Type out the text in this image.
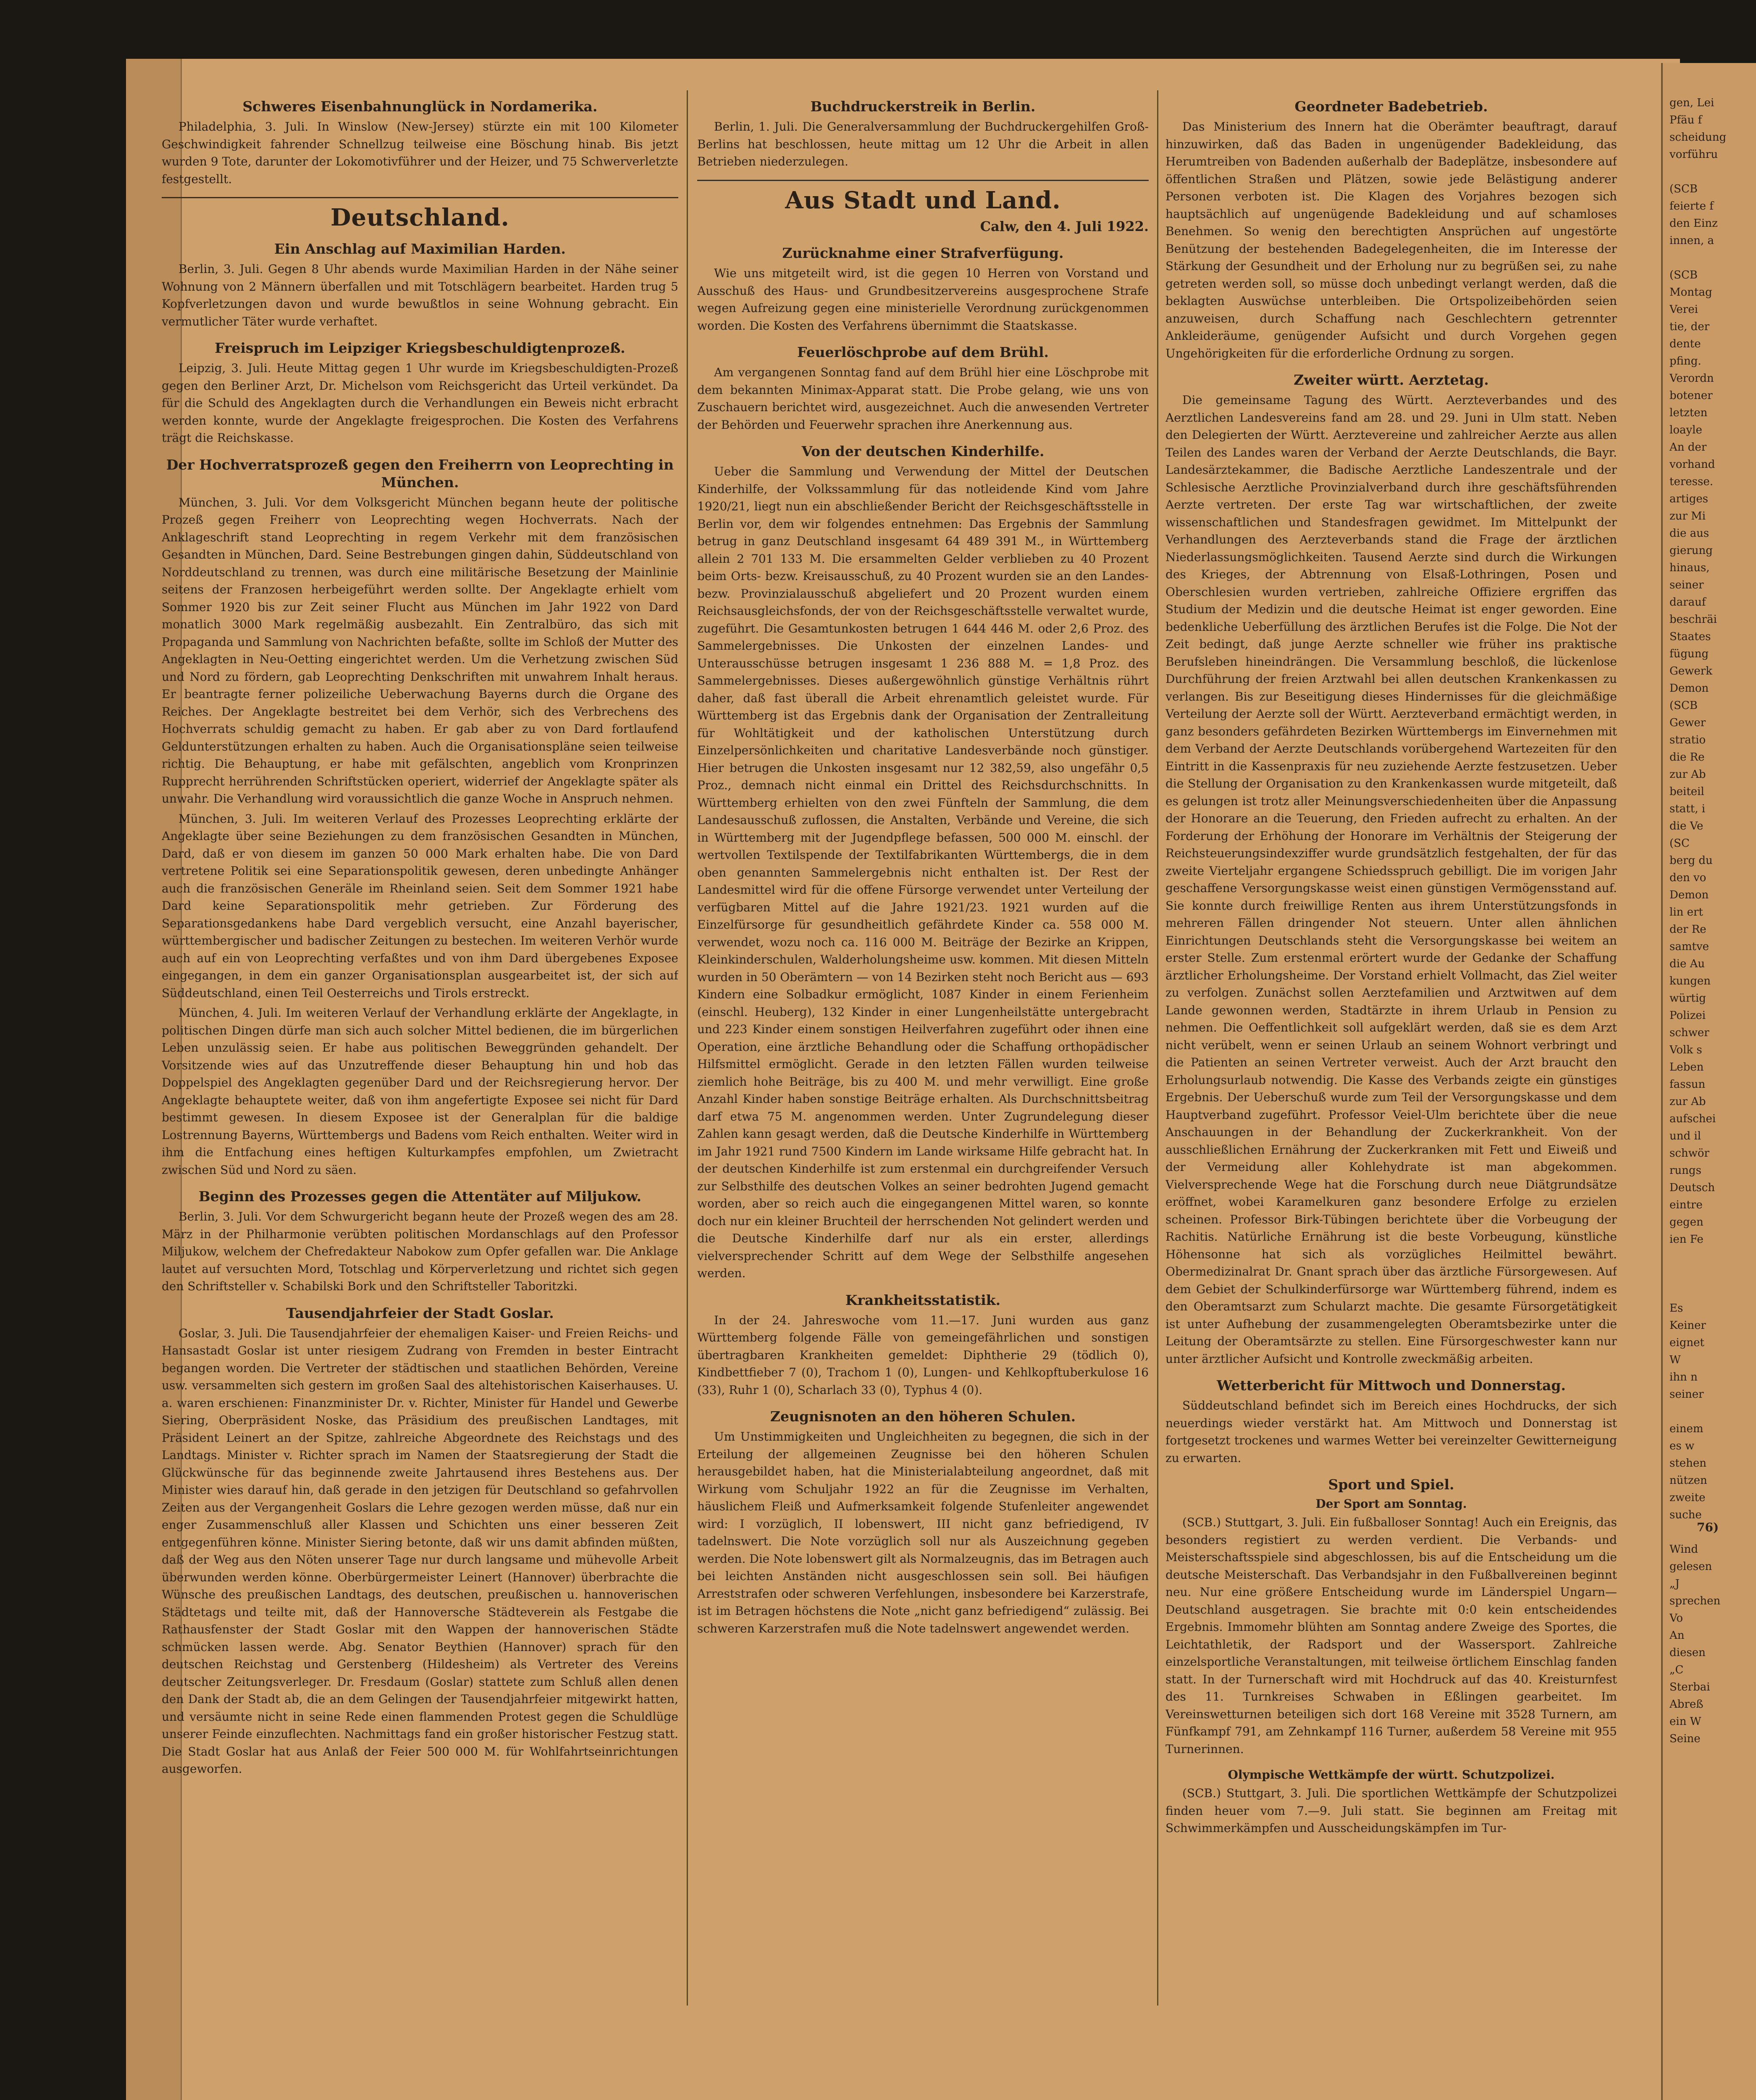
Schweres Eisenbahnunglück in Nordamerika.

Philadelphia, 3. Juli. In Winslow (New-Jersey) stürzte ein mit 100 Kilometer Geschwindigkeit fahrender Schnellzug teilweise eine Böschung hinab. Bis jetzt wurden 9 Tote, darunter der Lokomotivführer und der Heizer, und 75 Schwerverletzte festgestellt.

Deutschland.
Ein Anschlag auf Maximilian Harden.

Berlin, 3. Juli. Gegen 8 Uhr abends wurde Maximilian Harden in der Nähe seiner Wohnung von 2 Männern überfallen und mit Totschlägern bearbeitet. Harden trug 5 Kopfverletzungen davon und wurde bewußtlos in seine Wohnung gebracht. Ein vermutlicher Täter wurde verhaftet.

Freispruch im Leipziger Kriegsbeschuldigtenprozeß.

Leipzig, 3. Juli. Heute Mittag gegen 1 Uhr wurde im Kriegsbeschuldigten-Prozeß gegen den Berliner Arzt, Dr. Michelson vom Reichsgericht das Urteil verkündet. Da für die Schuld des Angeklagten durch die Verhandlungen ein Beweis nicht erbracht werden konnte, wurde der Angeklagte freigesprochen. Die Kosten des Verfahrens trägt die Reichskasse.

Der Hochverratsprozeß gegen den Freiherrn von Leoprechting in München.

München, 3. Juli. Vor dem Volksgericht München begann heute der politische Prozeß gegen Freiherr von Leoprechting wegen Hochverrats. Nach der Anklageschrift stand Leoprechting in regem Verkehr mit dem französischen Gesandten in München, Dard. Seine Bestrebungen gingen dahin, Süddeutschland von Norddeutschland zu trennen, was durch eine militärische Besetzung der Mainlinie seitens der Franzosen herbeigeführt werden sollte. Der Angeklagte erhielt vom Sommer 1920 bis zur Zeit seiner Flucht aus München im Jahr 1922 von Dard monatlich 3000 Mark regelmäßig ausbezahlt. Ein Zentralbüro, das sich mit Propaganda und Sammlung von Nachrichten befaßte, sollte im Schloß der Mutter des Angeklagten in Neu-Oetting eingerichtet werden. Um die Verhetzung zwischen Süd und Nord zu fördern, gab Leoprechting Denkschriften mit unwahrem Inhalt heraus. Er beantragte ferner polizeiliche Ueberwachung Bayerns durch die Organe des Reiches. Der Angeklagte bestreitet bei dem Verhör, sich des Verbrechens des Hochverrats schuldig gemacht zu haben. Er gab aber zu von Dard fortlaufend Geldunterstützungen erhalten zu haben. Auch die Organisationspläne seien teilweise richtig. Die Behauptung, er habe mit gefälschten, angeblich vom Kronprinzen Rupprecht herrührenden Schriftstücken operiert, widerrief der Angeklagte später als unwahr. Die Verhandlung wird voraussichtlich die ganze Woche in Anspruch nehmen.

München, 3. Juli. Im weiteren Verlauf des Prozesses Leoprechting erklärte der Angeklagte über seine Beziehungen zu dem französischen Gesandten in München, Dard, daß er von diesem im ganzen 50 000 Mark erhalten habe. Die von Dard vertretene Politik sei eine Separationspolitik gewesen, deren unbedingte Anhänger auch die französischen Generäle im Rheinland seien. Seit dem Sommer 1921 habe Dard keine Separationspolitik mehr getrieben. Zur Förderung des Separationsgedankens habe Dard vergeblich versucht, eine Anzahl bayerischer, württembergischer und badischer Zeitungen zu bestechen. Im weiteren Verhör wurde auch auf ein von Leoprechting verfaßtes und von ihm Dard übergebenes Exposee eingegangen, in dem ein ganzer Organisationsplan ausgearbeitet ist, der sich auf Süddeutschland, einen Teil Oesterreichs und Tirols erstreckt.

München, 4. Juli. Im weiteren Verlauf der Verhandlung erklärte der Angeklagte, in politischen Dingen dürfe man sich auch solcher Mittel bedienen, die im bürgerlichen Leben unzulässig seien. Er habe aus politischen Beweggründen gehandelt. Der Vorsitzende wies auf das Unzutreffende dieser Behauptung hin und hob das Doppelspiel des Angeklagten gegenüber Dard und der Reichsregierung hervor. Der Angeklagte behauptete weiter, daß von ihm angefertigte Exposee sei nicht für Dard bestimmt gewesen. In diesem Exposee ist der Generalplan für die baldige Lostrennung Bayerns, Württembergs und Badens vom Reich enthalten. Weiter wird in ihm die Entfachung eines heftigen Kulturkampfes empfohlen, um Zwietracht zwischen Süd und Nord zu säen.

Beginn des Prozesses gegen die Attentäter auf Miljukow.

Berlin, 3. Juli. Vor dem Schwurgericht begann heute der Prozeß wegen des am 28. März in der Philharmonie verübten politischen Mordanschlags auf den Professor Miljukow, welchem der Chefredakteur Nabokow zum Opfer gefallen war. Die Anklage lautet auf versuchten Mord, Totschlag und Körperverletzung und richtet sich gegen den Schriftsteller v. Schabilski Bork und den Schriftsteller Taboritzki.

Tausendjahrfeier der Stadt Goslar.

Goslar, 3. Juli. Die Tausendjahrfeier der ehemaligen Kaiser- und Freien Reichs- und Hansastadt Goslar ist unter riesigem Zudrang von Fremden in bester Eintracht begangen worden. Die Vertreter der städtischen und staatlichen Behörden, Vereine usw. versammelten sich gestern im großen Saal des altehistorischen Kaiserhauses. U. a. waren erschienen: Finanzminister Dr. v. Richter, Minister für Handel und Gewerbe Siering, Oberpräsident Noske, das Präsidium des preußischen Landtages, mit Präsident Leinert an der Spitze, zahlreiche Abgeordnete des Reichstags und des Landtags. Minister v. Richter sprach im Namen der Staatsregierung der Stadt die Glückwünsche für das beginnende zweite Jahrtausend ihres Bestehens aus. Der Minister wies darauf hin, daß gerade in den jetzigen für Deutschland so gefahrvollen Zeiten aus der Vergangenheit Goslars die Lehre gezogen werden müsse, daß nur ein enger Zusammenschluß aller Klassen und Schichten uns einer besseren Zeit entgegenführen könne. Minister Siering betonte, daß wir uns damit abfinden müßten, daß der Weg aus den Nöten unserer Tage nur durch langsame und mühevolle Arbeit überwunden werden könne. Oberbürgermeister Leinert (Hannover) überbrachte die Wünsche des preußischen Landtags, des deutschen, preußischen u. hannoverischen Städtetags und teilte mit, daß der Hannoversche Städteverein als Festgabe die Rathausfenster der Stadt Goslar mit den Wappen der hannoverischen Städte schmücken lassen werde. Abg. Senator Beythien (Hannover) sprach für den deutschen Reichstag und Gerstenberg (Hildesheim) als Vertreter des Vereins deutscher Zeitungsverleger. Dr. Fresdaum (Goslar) stattete zum Schluß allen denen den Dank der Stadt ab, die an dem Gelingen der Tausendjahrfeier mitgewirkt hatten, und versäumte nicht in seine Rede einen flammenden Protest gegen die Schuldlüge unserer Feinde einzuflechten. Nachmittags fand ein großer historischer Festzug statt. Die Stadt Goslar hat aus Anlaß der Feier 500 000 M. für Wohlfahrtseinrichtungen ausgeworfen.

Buchdruckerstreik in Berlin.

Berlin, 1. Juli. Die Generalversammlung der Buchdruckergehilfen Groß-Berlins hat beschlossen, heute mittag um 12 Uhr die Arbeit in allen Betrieben niederzulegen.

Aus Stadt und Land.

Calw, den 4. Juli 1922.

Zurücknahme einer Strafverfügung.

Wie uns mitgeteilt wird, ist die gegen 10 Herren von Vorstand und Ausschuß des Haus- und Grundbesitzervereins ausgesprochene Strafe wegen Aufreizung gegen eine ministerielle Verordnung zurückgenommen worden. Die Kosten des Verfahrens übernimmt die Staatskasse.

Feuerlöschprobe auf dem Brühl.

Am vergangenen Sonntag fand auf dem Brühl hier eine Löschprobe mit dem bekannten Minimax-Apparat statt. Die Probe gelang, wie uns von Zuschauern berichtet wird, ausgezeichnet. Auch die anwesenden Vertreter der Behörden und Feuerwehr sprachen ihre Anerkennung aus.

Von der deutschen Kinderhilfe.

Ueber die Sammlung und Verwendung der Mittel der Deutschen Kinderhilfe, der Volkssammlung für das notleidende Kind vom Jahre 1920/21, liegt nun ein abschließender Bericht der Reichsgeschäftsstelle in Berlin vor, dem wir folgendes entnehmen: Das Ergebnis der Sammlung betrug in ganz Deutschland insgesamt 64 489 391 M., in Württemberg allein 2 701 133 M. Die ersammelten Gelder verblieben zu 40 Prozent beim Orts- bezw. Kreisausschuß, zu 40 Prozent wurden sie an den Landes- bezw. Provinzialausschuß abgeliefert und 20 Prozent wurden einem Reichsausgleichsfonds, der von der Reichsgeschäftsstelle verwaltet wurde, zugeführt. Die Gesamtunkosten betrugen 1 644 446 M. oder 2,6 Proz. des Sammelergebnisses. Die Unkosten der einzelnen Landes- und Unterausschüsse betrugen insgesamt 1 236 888 M. = 1,8 Proz. des Sammelergebnisses. Dieses außergewöhnlich günstige Verhältnis rührt daher, daß fast überall die Arbeit ehrenamtlich geleistet wurde. Für Württemberg ist das Ergebnis dank der Organisation der Zentralleitung für Wohltätigkeit und der katholischen Unterstützung durch Einzelpersönlichkeiten und charitative Landesverbände noch günstiger. Hier betrugen die Unkosten insgesamt nur 12 382,59, also ungefähr 0,5 Proz., demnach nicht einmal ein Drittel des Reichsdurchschnitts. In Württemberg erhielten von den zwei Fünfteln der Sammlung, die dem Landesausschuß zuflossen, die Anstalten, Verbände und Vereine, die sich in Württemberg mit der Jugendpflege befassen, 500 000 M. einschl. der wertvollen Textilspende der Textilfabrikanten Württembergs, die in dem oben genannten Sammelergebnis nicht enthalten ist. Der Rest der Landesmittel wird für die offene Fürsorge verwendet unter Verteilung der verfügbaren Mittel auf die Jahre 1921/23. 1921 wurden auf die Einzelfürsorge für gesundheitlich gefährdete Kinder ca. 558 000 M. verwendet, wozu noch ca. 116 000 M. Beiträge der Bezirke an Krippen, Kleinkinderschulen, Walderholungsheime usw. kommen. Mit diesen Mitteln wurden in 50 Oberämtern — von 14 Bezirken steht noch Bericht aus — 693 Kindern eine Solbadkur ermöglicht, 1087 Kinder in einem Ferienheim (einschl. Heuberg), 132 Kinder in einer Lungenheilstätte untergebracht und 223 Kinder einem sonstigen Heilverfahren zugeführt oder ihnen eine Operation, eine ärztliche Behandlung oder die Schaffung orthopädischer Hilfsmittel ermöglicht. Gerade in den letzten Fällen wurden teilweise ziemlich hohe Beiträge, bis zu 400 M. und mehr verwilligt. Eine große Anzahl Kinder haben sonstige Beiträge erhalten. Als Durchschnittsbeitrag darf etwa 75 M. angenommen werden. Unter Zugrundelegung dieser Zahlen kann gesagt werden, daß die Deutsche Kinderhilfe in Württemberg im Jahr 1921 rund 7500 Kindern im Lande wirksame Hilfe gebracht hat. In der deutschen Kinderhilfe ist zum erstenmal ein durchgreifender Versuch zur Selbsthilfe des deutschen Volkes an seiner bedrohten Jugend gemacht worden, aber so reich auch die eingegangenen Mittel waren, so konnte doch nur ein kleiner Bruchteil der herrschenden Not gelindert werden und die Deutsche Kinderhilfe darf nur als ein erster, allerdings vielversprechender Schritt auf dem Wege der Selbsthilfe angesehen werden.

Krankheitsstatistik.

In der 24. Jahreswoche vom 11.—17. Juni wurden aus ganz Württemberg folgende Fälle von gemeingefährlichen und sonstigen übertragbaren Krankheiten gemeldet: Diphtherie 29 (tödlich 0), Kindbettfieber 7 (0), Trachom 1 (0), Lungen- und Kehlkopftuberkulose 16 (33), Ruhr 1 (0), Scharlach 33 (0), Typhus 4 (0).

Zeugnisnoten an den höheren Schulen.

Um Unstimmigkeiten und Ungleichheiten zu begegnen, die sich in der Erteilung der allgemeinen Zeugnisse bei den höheren Schulen herausgebildet haben, hat die Ministerialabteilung angeordnet, daß mit Wirkung vom Schuljahr 1922 an für die Zeugnisse im Verhalten, häuslichem Fleiß und Aufmerksamkeit folgende Stufenleiter angewendet wird: I vorzüglich, II lobenswert, III nicht ganz befriedigend, IV tadelnswert. Die Note vorzüglich soll nur als Auszeichnung gegeben werden. Die Note lobenswert gilt als Normalzeugnis, das im Betragen auch bei leichten Anständen nicht ausgeschlossen sein soll. Bei häufigen Arreststrafen oder schweren Verfehlungen, insbesondere bei Karzerstrafe, ist im Betragen höchstens die Note „nicht ganz befriedigend“ zulässig. Bei schweren Karzerstrafen muß die Note tadelnswert angewendet werden.

Geordneter Badebetrieb.

Das Ministerium des Innern hat die Oberämter beauftragt, darauf hinzuwirken, daß das Baden in ungenügender Badekleidung, das Herumtreiben von Badenden außerhalb der Badeplätze, insbesondere auf öffentlichen Straßen und Plätzen, sowie jede Belästigung anderer Personen verboten ist. Die Klagen des Vorjahres bezogen sich hauptsächlich auf ungenügende Badekleidung und auf schamloses Benehmen. So wenig den berechtigten Ansprüchen auf ungestörte Benützung der bestehenden Badegelegenheiten, die im Interesse der Stärkung der Gesundheit und der Erholung nur zu begrüßen sei, zu nahe getreten werden soll, so müsse doch unbedingt verlangt werden, daß die beklagten Auswüchse unterbleiben. Die Ortspolizeibehörden seien anzuweisen, durch Schaffung nach Geschlechtern getrennter Ankleideräume, genügender Aufsicht und durch Vorgehen gegen Ungehörigkeiten für die erforderliche Ordnung zu sorgen.

Zweiter württ. Aerztetag.

Die gemeinsame Tagung des Württ. Aerzteverbandes und des Aerztlichen Landesvereins fand am 28. und 29. Juni in Ulm statt. Neben den Delegierten der Württ. Aerztevereine und zahlreicher Aerzte aus allen Teilen des Landes waren der Verband der Aerzte Deutschlands, die Bayr. Landesärztekammer, die Badische Aerztliche Landeszentrale und der Schlesische Aerztliche Provinzialverband durch ihre geschäftsführenden Aerzte vertreten. Der erste Tag war wirtschaftlichen, der zweite wissenschaftlichen und Standesfragen gewidmet. Im Mittelpunkt der Verhandlungen des Aerzteverbands stand die Frage der ärztlichen Niederlassungsmöglichkeiten. Tausend Aerzte sind durch die Wirkungen des Krieges, der Abtrennung von Elsaß-Lothringen, Posen und Oberschlesien wurden vertrieben, zahlreiche Offiziere ergriffen das Studium der Medizin und die deutsche Heimat ist enger geworden. Eine bedenkliche Ueberfüllung des ärztlichen Berufes ist die Folge. Die Not der Zeit bedingt, daß junge Aerzte schneller wie früher ins praktische Berufsleben hineindrängen. Die Versammlung beschloß, die lückenlose Durchführung der freien Arztwahl bei allen deutschen Krankenkassen zu verlangen. Bis zur Beseitigung dieses Hindernisses für die gleichmäßige Verteilung der Aerzte soll der Württ. Aerzteverband ermächtigt werden, in ganz besonders gefährdeten Bezirken Württembergs im Einvernehmen mit dem Verband der Aerzte Deutschlands vorübergehend Wartezeiten für den Eintritt in die Kassenpraxis für neu zuziehende Aerzte festzusetzen. Ueber die Stellung der Organisation zu den Krankenkassen wurde mitgeteilt, daß es gelungen ist trotz aller Meinungsverschiedenheiten über die Anpassung der Honorare an die Teuerung, den Frieden aufrecht zu erhalten. An der Forderung der Erhöhung der Honorare im Verhältnis der Steigerung der Reichsteuerungsindexziffer wurde grundsätzlich festgehalten, der für das zweite Vierteljahr ergangene Schiedsspruch gebilligt. Die im vorigen Jahr geschaffene Versorgungskasse weist einen günstigen Vermögensstand auf. Sie konnte durch freiwillige Renten aus ihrem Unterstützungsfonds in mehreren Fällen dringender Not steuern. Unter allen ähnlichen Einrichtungen Deutschlands steht die Versorgungskasse bei weitem an erster Stelle. Zum erstenmal erörtert wurde der Gedanke der Schaffung ärztlicher Erholungsheime. Der Vorstand erhielt Vollmacht, das Ziel weiter zu verfolgen. Zunächst sollen Aerztefamilien und Arztwitwen auf dem Lande gewonnen werden, Stadtärzte in ihrem Urlaub in Pension zu nehmen. Die Oeffentlichkeit soll aufgeklärt werden, daß sie es dem Arzt nicht verübelt, wenn er seinen Urlaub an seinem Wohnort verbringt und die Patienten an seinen Vertreter verweist. Auch der Arzt braucht den Erholungsurlaub notwendig. Die Kasse des Verbands zeigte ein günstiges Ergebnis. Der Ueberschuß wurde zum Teil der Versorgungskasse und dem Hauptverband zugeführt. Professor Veiel-Ulm berichtete über die neue Anschauungen in der Behandlung der Zuckerkrankheit. Von der ausschließlichen Ernährung der Zuckerkranken mit Fett und Eiweiß und der Vermeidung aller Kohlehydrate ist man abgekommen. Vielversprechende Wege hat die Forschung durch neue Diätgrundsätze eröffnet, wobei Karamelkuren ganz besondere Erfolge zu erzielen scheinen. Professor Birk-Tübingen berichtete über die Vorbeugung der Rachitis. Natürliche Ernährung ist die beste Vorbeugung, künstliche Höhensonne hat sich als vorzügliches Heilmittel bewährt. Obermedizinalrat Dr. Gnant sprach über das ärztliche Fürsorgewesen. Auf dem Gebiet der Schulkinderfürsorge war Württemberg führend, indem es den Oberamtsarzt zum Schularzt machte. Die gesamte Fürsorgetätigkeit ist unter Aufhebung der zusammengelegten Oberamtsbezirke unter die Leitung der Oberamtsärzte zu stellen. Eine Fürsorgeschwester kann nur unter ärztlicher Aufsicht und Kontrolle zweckmäßig arbeiten.

Wetterbericht für Mittwoch und Donnerstag.

Süddeutschland befindet sich im Bereich eines Hochdrucks, der sich neuerdings wieder verstärkt hat. Am Mittwoch und Donnerstag ist fortgesetzt trockenes und warmes Wetter bei vereinzelter Gewitterneigung zu erwarten.

Sport und Spiel.
Der Sport am Sonntag.

(SCB.) Stuttgart, 3. Juli. Ein fußballoser Sonntag! Auch ein Ereignis, das besonders registiert zu werden verdient. Die Verbands- und Meisterschaftsspiele sind abgeschlossen, bis auf die Entscheidung um die deutsche Meisterschaft. Das Verbandsjahr in den Fußballvereinen beginnt neu. Nur eine größere Entscheidung wurde im Länderspiel Ungarn—Deutschland ausgetragen. Sie brachte mit 0:0 kein entscheidendes Ergebnis. Immomehr blühten am Sonntag andere Zweige des Sportes, die Leichtathletik, der Radsport und der Wassersport. Zahlreiche einzelsportliche Veranstaltungen, mit teilweise örtlichem Einschlag fanden statt. In der Turnerschaft wird mit Hochdruck auf das 40. Kreisturnfest des 11. Turnkreises Schwaben in Eßlingen gearbeitet. Im Vereinswetturnen beteiligen sich dort 168 Vereine mit 3528 Turnern, am Fünfkampf 791, am Zehnkampf 116 Turner, außerdem 58 Vereine mit 955 Turnerinnen.

Olympische Wettkämpfe der württ. Schutzpolizei.

(SCB.) Stuttgart, 3. Juli. Die sportlichen Wettkämpfe der Schutzpolizei finden heuer vom 7.—9. Juli statt. Sie beginnen am Freitag mit Schwimmerkämpfen und Ausscheidungskämpfen im Tur-

gen, Lei
Pfäu f
scheidung
vorführu
(SCB
feierte f
den Einz
innen, a
(SCB
Montag
Verei
tie, der
dente
pfing.
Verordn
botener
letzten
loayle
An der
vorhand
teresse.
artiges
zur Mi
die aus
gierung
hinaus,
seiner
darauf
beschräi
Staates
fügung
Gewerk
Demon
(SCB
Gewer
stratio
die Re
zur Ab
beiteil
statt, i
die Ve
(SC
berg du
den vo
Demon
lin ert
der Re
samtve
die Au
kungen
würtig
Polizei
schwer
Volk s
Leben
fassun
zur Ab
aufschei
und il
schwör
rungs
Deutsch
eintre
gegen
ien Fe
Es
Keiner
eignet
W
ihn n
seiner
einem
es w
stehen
nützen
zweite
suche
Wind
gelesen
„J
sprechen
Vo
An
diesen
„C
Sterbai
Abreß
ein W
Seine
76)
